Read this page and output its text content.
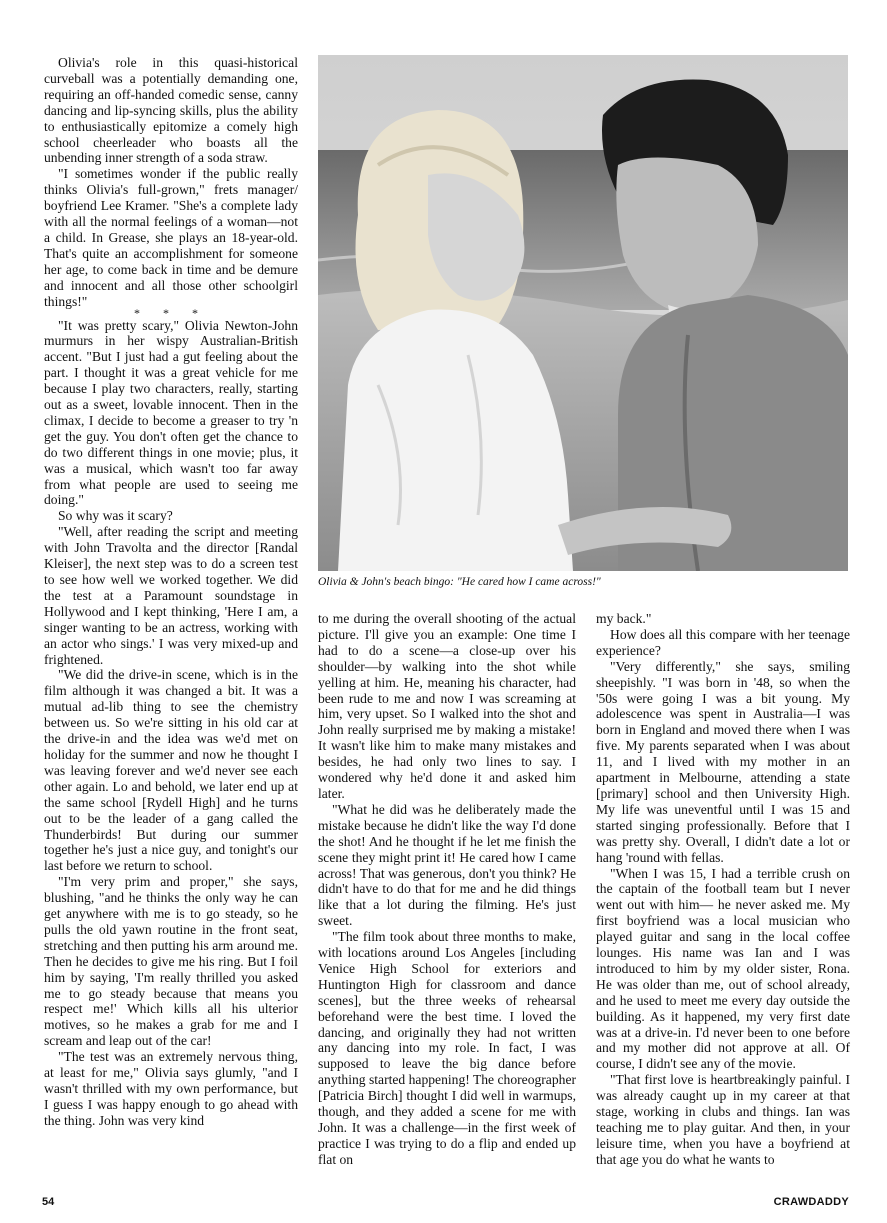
Olivia's role in this quasi-historical curveball was a potentially demanding one, requiring an off-handed comedic sense, canny dancing and lip-syncing skills, plus the ability to enthusiastically epitomize a comely high school cheerleader who boasts all the unbending inner strength of a soda straw.

"I sometimes wonder if the public really thinks Olivia's full-grown," frets manager/ boyfriend Lee Kramer. "She's a complete lady with all the normal feelings of a woman—not a child. In Grease, she plays an 18-year-old. That's quite an accomplishment for someone her age, to come back in time and be demure and innocent and all those other schoolgirl things!"

* * *

"It was pretty scary," Olivia Newton-John murmurs in her wispy Australian-British accent. "But I just had a gut feeling about the part. I thought it was a great vehicle for me because I play two characters, really, starting out as a sweet, lovable innocent. Then in the climax, I decide to become a greaser to try 'n get the guy. You don't often get the chance to do two different things in one movie; plus, it was a musical, which wasn't too far away from what people are used to seeing me doing."

So why was it scary?

"Well, after reading the script and meeting with John Travolta and the director [Randal Kleiser], the next step was to do a screen test to see how well we worked together. We did the test at a Paramount soundstage in Hollywood and I kept thinking, 'Here I am, a singer wanting to be an actress, working with an actor who sings.' I was very mixed-up and frightened.

"We did the drive-in scene, which is in the film although it was changed a bit. It was a mutual ad-lib thing to see the chemistry between us. So we're sitting in his old car at the drive-in and the idea was we'd met on holiday for the summer and now he thought I was leaving forever and we'd never see each other again. Lo and behold, we later end up at the same school [Rydell High] and he turns out to be the leader of a gang called the Thunderbirds! But during our summer together he's just a nice guy, and tonight's our last before we return to school.

"I'm very prim and proper," she says, blushing, "and he thinks the only way he can get anywhere with me is to go steady, so he pulls the old yawn routine in the front seat, stretching and then putting his arm around me. Then he decides to give me his ring. But I foil him by saying, 'I'm really thrilled you asked me to go steady because that means you respect me!' Which kills all his ulterior motives, so he makes a grab for me and I scream and leap out of the car!

"The test was an extremely nervous thing, at least for me," Olivia says glumly, "and I wasn't thrilled with my own performance, but I guess I was happy enough to go ahead with the thing. John was very kind

Olivia & John's beach bingo: "He cared how I came across!"

to me during the overall shooting of the actual picture. I'll give you an example: One time I had to do a scene—a close-up over his shoulder—by walking into the shot while yelling at him. He, meaning his character, had been rude to me and now I was screaming at him, very upset. So I walked into the shot and John really surprised me by making a mistake! It wasn't like him to make many mistakes and besides, he had only two lines to say. I wondered why he'd done it and asked him later.

"What he did was he deliberately made the mistake because he didn't like the way I'd done the shot! And he thought if he let me finish the scene they might print it! He cared how I came across! That was generous, don't you think? He didn't have to do that for me and he did things like that a lot during the filming. He's just sweet.

"The film took about three months to make, with locations around Los Angeles [including Venice High School for exteriors and Huntington High for classroom and dance scenes], but the three weeks of rehearsal beforehand were the best time. I loved the dancing, and originally they had not written any dancing into my role. In fact, I was supposed to leave the big dance before anything started happening! The choreographer [Patricia Birch] thought I did well in warmups, though, and they added a scene for me with John. It was a challenge—in the first week of practice I was trying to do a flip and ended up flat on

my back."

How does all this compare with her teenage experience?

"Very differently," she says, smiling sheepishly. "I was born in '48, so when the '50s were going I was a bit young. My adolescence was spent in Australia—I was born in England and moved there when I was five. My parents separated when I was about 11, and I lived with my mother in an apartment in Melbourne, attending a state [primary] school and then University High. My life was uneventful until I was 15 and started singing professionally. Before that I was pretty shy. Overall, I didn't date a lot or hang 'round with fellas.

"When I was 15, I had a terrible crush on the captain of the football team but I never went out with him— he never asked me. My first boyfriend was a local musician who played guitar and sang in the local coffee lounges. His name was Ian and I was introduced to him by my older sister, Rona. He was older than me, out of school already, and he used to meet me every day outside the building. As it happened, my very first date was at a drive-in. I'd never been to one before and my mother did not approve at all. Of course, I didn't see any of the movie.

"That first love is heartbreakingly painful. I was already caught up in my career at that stage, working in clubs and things. Ian was teaching me to play guitar. And then, in your leisure time, when you have a boyfriend at that age you do what he wants to

54	CRAWDADDY
